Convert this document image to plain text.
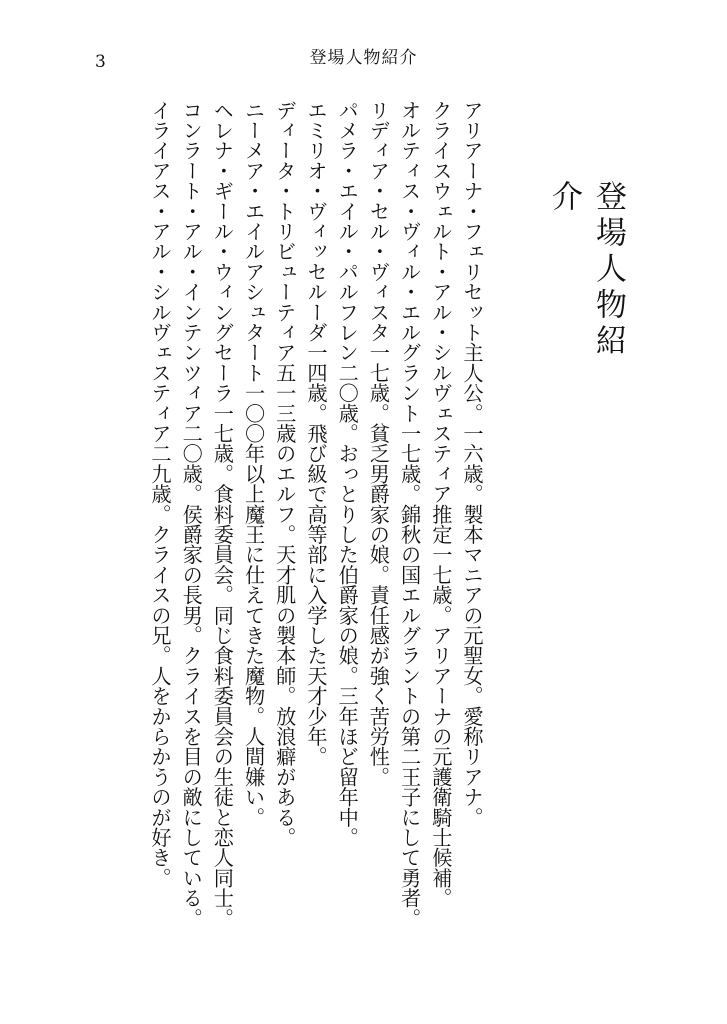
3	登場人物紹介
登場人物紹介
アリアーナ・フェリセット　主人公。一六歳。製本マニアの元聖女。愛称リアナ。
クライスウェルト・アル・シルヴェスティア　推定一七歳。アリアーナの元護衛騎士候補。
オルティス・ヴィル・エルグラント　一七歳。錦秋の国エルグラントの第二王子にして勇者。
リディア・セル・ヴィスタ　一七歳。貧乏男爵家の娘。責任感が強く苦労性。
パメラ・エイル・パルフレン　二〇歳。おっとりした伯爵家の娘。三年ほど留年中。
エミリオ・ヴィッセルーダ　一四歳。飛び級で高等部に入学した天才少年。
ディータ・トリビューティア　五一三歳のエルフ。天才肌の製本師。放浪癖がある。
ニーメア・エイルアシュタート　一〇〇年以上魔王に仕えてきた魔物。人間嫌い。
ヘレナ・ギール・ウィングセーラ　一七歳。食料委員会。同じ食料委員会の生徒と恋人同士。
コンラート・アル・インテンツィア　二〇歳。侯爵家の長男。クライスを目の敵にしている。
イライアス・アル・シルヴェスティア　二九歳。クライスの兄。人をからかうのが好き。
